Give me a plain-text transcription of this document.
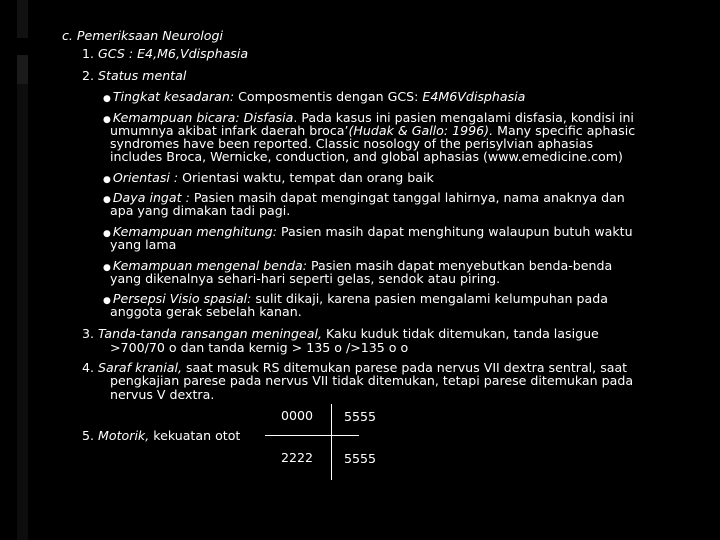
c. Pemeriksaan Neurologi
1. GCS : E4,M6,Vdisphasia
2. Status mental
● Tingkat kesadaran: Composmentis dengan GCS: E4M6Vdisphasia
● Kemampuan bicara: Disfasia. Pada kasus ini pasien mengalami disfasia, kondisi ini
umumnya akibat infark daerah broca’(Hudak & Gallo: 1996). Many specific aphasic
syndromes have been reported. Classic nosology of the perisylvian aphasias
includes Broca, Wernicke, conduction, and global aphasias (www.emedicine.com)
● Orientasi : Orientasi waktu, tempat dan orang baik
● Daya ingat : Pasien masih dapat mengingat tanggal lahirnya, nama anaknya dan
apa yang dimakan tadi pagi.
● Kemampuan menghitung: Pasien masih dapat menghitung walaupun butuh waktu
yang lama
● Kemampuan mengenal benda: Pasien masih dapat menyebutkan benda-benda
yang dikenalnya sehari-hari seperti gelas, sendok atau piring.
● Persepsi Visio spasial: sulit dikaji, karena pasien mengalami kelumpuhan pada
anggota gerak sebelah kanan.
3. Tanda-tanda ransangan meningeal, Kaku kuduk tidak ditemukan, tanda lasigue
>700/70 o dan tanda kernig > 135 o />135 o o
4. Saraf kranial, saat masuk RS ditemukan parese pada nervus VII dextra sentral, saat
pengkajian parese pada nervus VII tidak ditemukan, tetapi parese ditemukan pada
nervus V dextra.
0000 5555
5. Motorik, kekuatan otot
2222 5555
